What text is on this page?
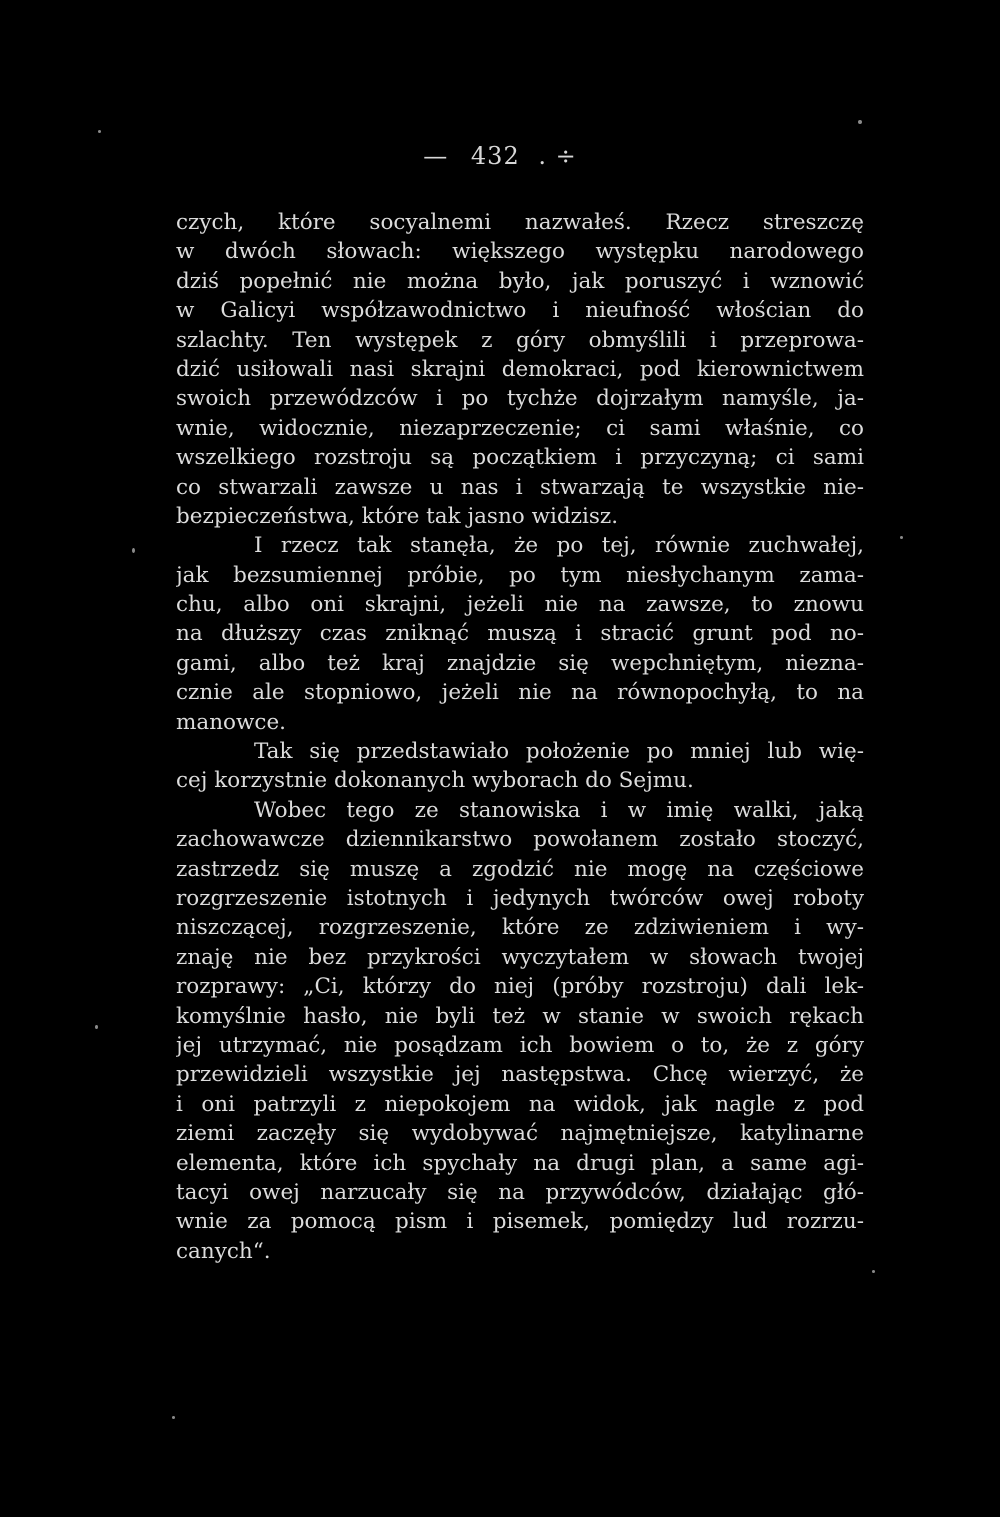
— 432 . ÷
czych, które socyalnemi nazwałeś. Rzecz streszczę
w dwóch słowach: większego występku narodowego
dziś popełnić nie można było, jak poruszyć i wznowić
w Galicyi współzawodnictwo i nieufność włościan do
szlachty. Ten występek z góry obmyślili i przeprowa-
dzić usiłowali nasi skrajni demokraci, pod kierownictwem
swoich przewódzców i po tychże dojrzałym namyśle, ja-
wnie, widocznie, niezaprzeczenie; ci sami właśnie, co
wszelkiego rozstroju są początkiem i przyczyną; ci sami
co stwarzali zawsze u nas i stwarzają te wszystkie nie-
bezpieczeństwa, które tak jasno widzisz.
I rzecz tak stanęła, że po tej, równie zuchwałej,
jak bezsumiennej próbie, po tym niesłychanym zama-
chu, albo oni skrajni, jeżeli nie na zawsze, to znowu
na dłuższy czas zniknąć muszą i stracić grunt pod no-
gami, albo też kraj znajdzie się wepchniętym, niezna-
cznie ale stopniowo, jeżeli nie na równopochyłą, to na
manowce.
Tak się przedstawiało położenie po mniej lub wię-
cej korzystnie dokonanych wyborach do Sejmu.
Wobec tego ze stanowiska i w imię walki, jaką
zachowawcze dziennikarstwo powołanem zostało stoczyć,
zastrzedz się muszę a zgodzić nie mogę na częściowe
rozgrzeszenie istotnych i jedynych twórców owej roboty
niszczącej, rozgrzeszenie, które ze zdziwieniem i wy-
znaję nie bez przykrości wyczytałem w słowach twojej
rozprawy: „Ci, którzy do niej (próby rozstroju) dali lek-
komyślnie hasło, nie byli też w stanie w swoich rękach
jej utrzymać, nie posądzam ich bowiem o to, że z góry
przewidzieli wszystkie jej następstwa. Chcę wierzyć, że
i oni patrzyli z niepokojem na widok, jak nagle z pod
ziemi zaczęły się wydobywać najmętniejsze, katylinarne
elementa, które ich spychały na drugi plan, a same agi-
tacyi owej narzucały się na przywódców, działając głó-
wnie za pomocą pism i pisemek, pomiędzy lud rozrzu-
canych“.
